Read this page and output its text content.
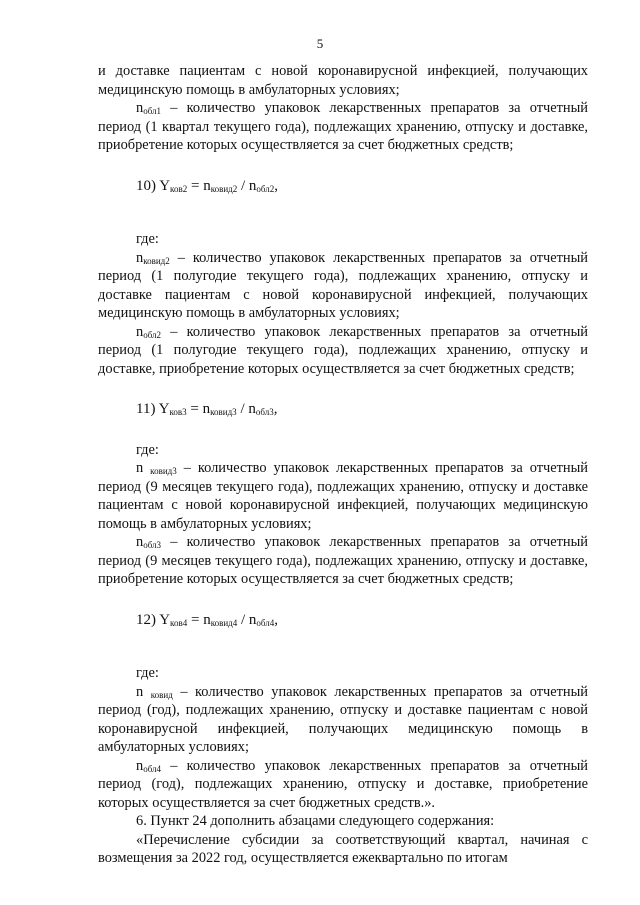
5

и доставке пациентам с новой коронавирусной инфекцией, получающих медицинскую помощь в амбулаторных условиях;

$n_{обл1}$ – количество упаковок лекарственных препаратов за отчетный период (1 квартал текущего года), подлежащих хранению, отпуску и доставке, приобретение которых осуществляется за счет бюджетных средств;

10) $Y_{ков2} = n_{ковид2} / n_{обл2}$,

где:

$n_{ковид2}$ – количество упаковок лекарственных препаратов за отчетный период (1 полугодие текущего года), подлежащих хранению, отпуску и доставке пациентам с новой коронавирусной инфекцией, получающих медицинскую помощь в амбулаторных условиях;

$n_{обл2}$ – количество упаковок лекарственных препаратов за отчетный период (1 полугодие текущего года), подлежащих хранению, отпуску и доставке, приобретение которых осуществляется за счет бюджетных средств;

11) $Y_{ков3} = n_{ковид3} / n_{обл3}$,

где:

n $_{ковид3}$ – количество упаковок лекарственных препаратов за отчетный период (9 месяцев текущего года), подлежащих хранению, отпуску и доставке пациентам с новой коронавирусной инфекцией, получающих медицинскую помощь в амбулаторных условиях;

$n_{обл3}$ – количество упаковок лекарственных препаратов за отчетный период (9 месяцев текущего года), подлежащих хранению, отпуску и доставке, приобретение которых осуществляется за счет бюджетных средств;

12) $Y_{ков4} = n_{ковид4} / n_{обл4}$,

где:

n $_{ковид}$ – количество упаковок лекарственных препаратов за отчетный период (год), подлежащих хранению, отпуску и доставке пациентам с новой коронавирусной инфекцией, получающих медицинскую помощь в амбулаторных условиях;

$n_{обл4}$ – количество упаковок лекарственных препаратов за отчетный период (год), подлежащих хранению, отпуску и доставке, приобретение которых осуществляется за счет бюджетных средств.».

6. Пункт 24 дополнить абзацами следующего содержания:

«Перечисление субсидии за соответствующий квартал, начиная с возмещения за 2022 год, осуществляется ежеквартально по итогам
